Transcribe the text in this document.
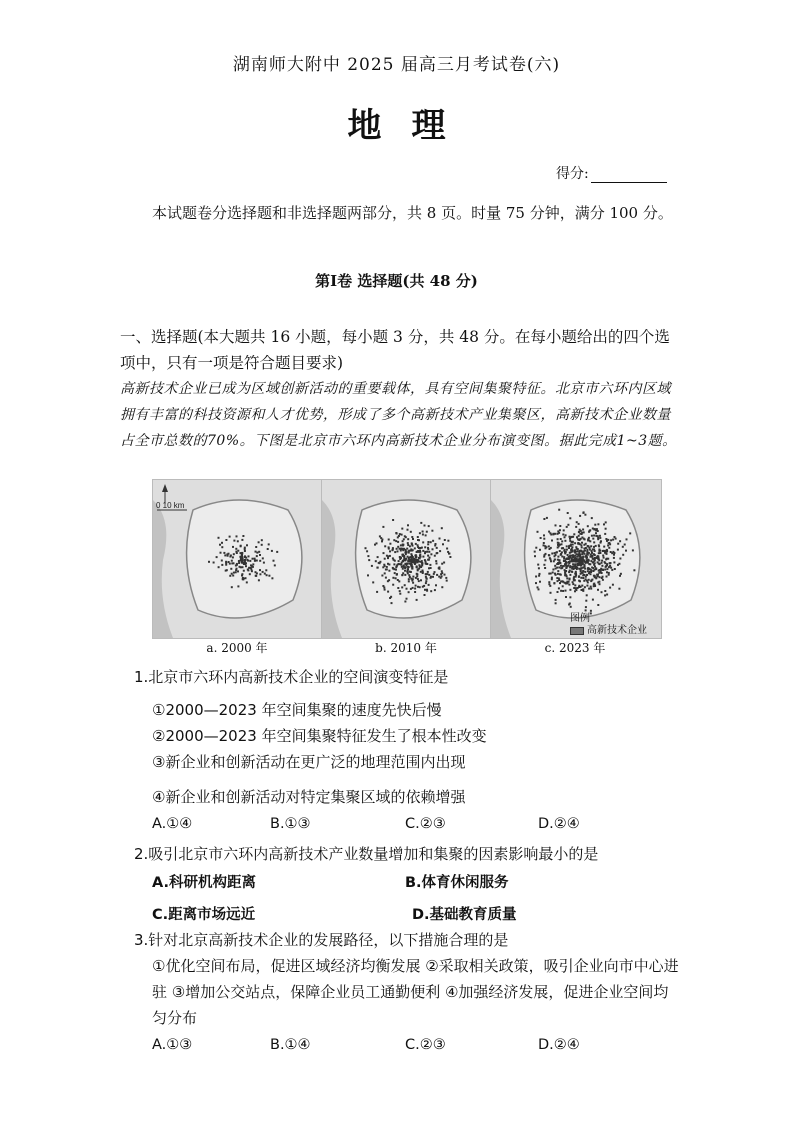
湖南师大附中 2025 届高三月考试卷(六)
地理
得分:
本试题卷分选择题和非选择题两部分，共 8 页。时量 75 分钟，满分 100 分。
第Ⅰ卷 选择题(共 48 分)
一、选择题(本大题共 16 小题，每小题 3 分，共 48 分。在每小题给出的四个选项中，只有一项是符合题目要求)
高新技术企业已成为区域创新活动的重要载体，具有空间集聚特征。北京市六环内区域拥有丰富的科技资源和人才优势，形成了多个高新技术产业集聚区，高新技术企业数量占全市总数的70%。下图是北京市六环内高新技术企业分布演变图。据此完成1~3题。
0 10 km
a. 2000 年	b. 2010 年	c. 2023 年
图例
高新技术企业
1.北京市六环内高新技术企业的空间演变特征是
①2000—2023 年空间集聚的速度先快后慢
②2000—2023 年空间集聚特征发生了根本性改变
③新企业和创新活动在更广泛的地理范围内出现
④新企业和创新活动对特定集聚区域的依赖增强
A.①④	B.①③	C.②③	D.②④
2.吸引北京市六环内高新技术产业数量增加和集聚的因素影响最小的是
A.科研机构距离	B.体育休闲服务
C.距离市场远近	D.基础教育质量
3.针对北京高新技术企业的发展路径，以下措施合理的是
①优化空间布局，促进区域经济均衡发展 ②采取相关政策，吸引企业向市中心进驻 ③增加公交站点，保障企业员工通勤便利 ④加强经济发展，促进企业空间均匀分布
A.①③	B.①④	C.②③	D.②④
